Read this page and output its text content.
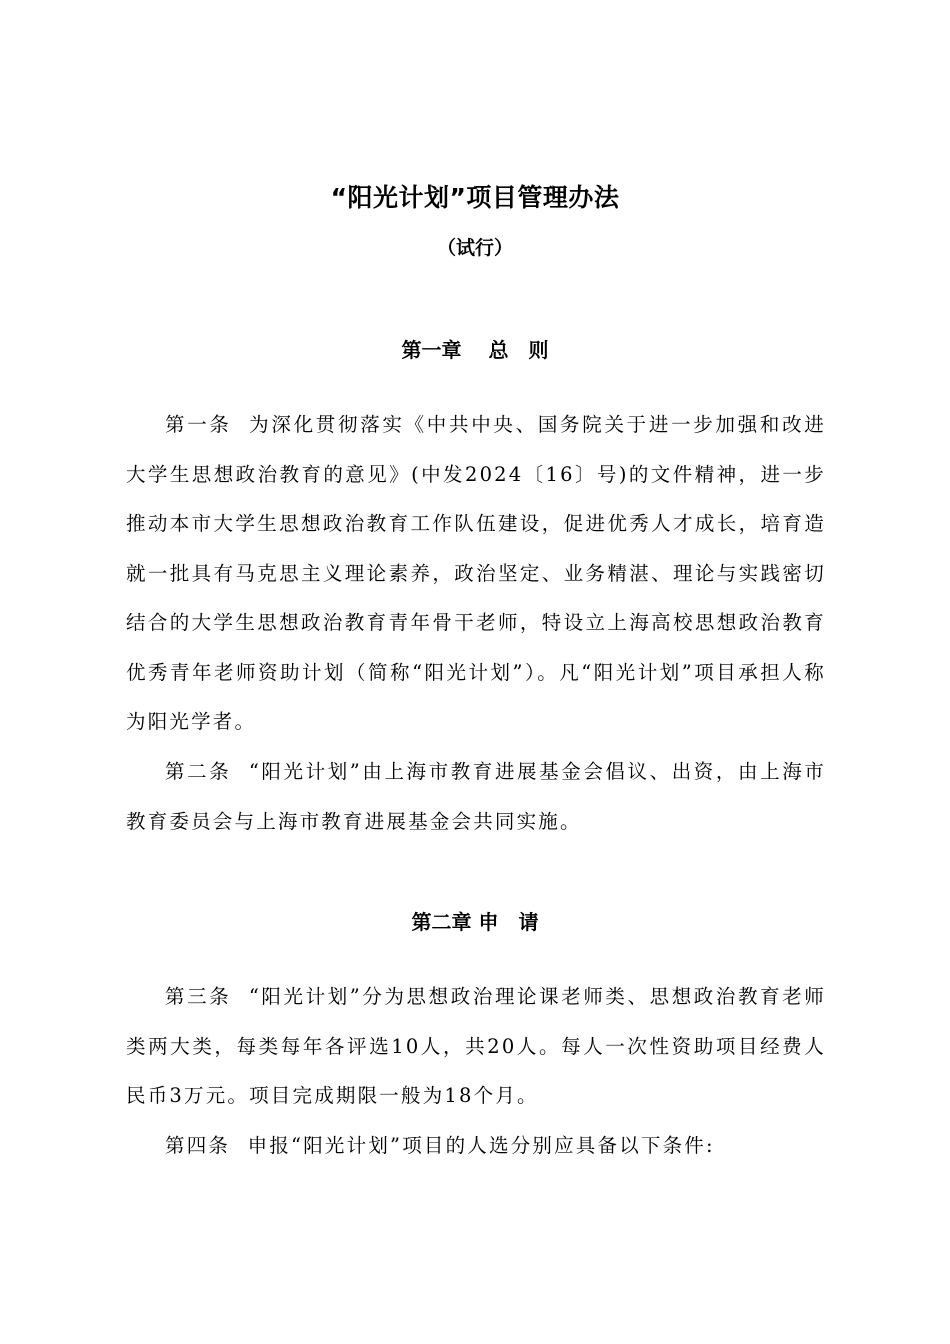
“阳光计划”项目管理办法
（试行）
第一章　 总　则

第一条 为深化贯彻落实《中共中央、国务院关于进一步加强和改进大学生思想政治教育的意见》(中发2024〔16〕号)的文件精神，进一步推动本市大学生思想政治教育工作队伍建设，促进优秀人才成长，培育造就一批具有马克思主义理论素养，政治坚定、业务精湛、理论与实践密切结合的大学生思想政治教育青年骨干老师，特设立上海高校思想政治教育优秀青年老师资助计划（简称“阳光计划”）。凡“阳光计划”项目承担人称为阳光学者。

第二条 “阳光计划”由上海市教育进展基金会倡议、出资，由上海市教育委员会与上海市教育进展基金会共同实施。

第二章 申　请

第三条 “阳光计划”分为思想政治理论课老师类、思想政治教育老师类两大类，每类每年各评选10人，共20人。每人一次性资助项目经费人民币3万元。项目完成期限一般为18个月。

第四条 申报“阳光计划”项目的人选分别应具备以下条件:
